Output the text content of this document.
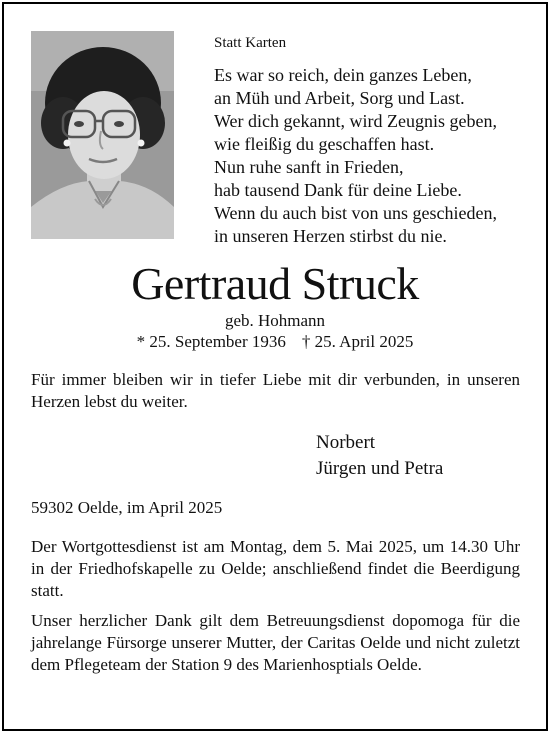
Statt Karten
Es war so reich, dein ganzes Leben,
an Müh und Arbeit, Sorg und Last.
Wer dich gekannt, wird Zeugnis geben,
wie fleißig du geschaffen hast.
Nun ruhe sanft in Frieden,
hab tausend Dank für deine Liebe.
Wenn du auch bist von uns geschieden,
in unseren Herzen stirbst du nie.
Gertraud Struck
geb. Hohmann
* 25. September 1936 † 25. April 2025
Für immer bleiben wir in tiefer Liebe mit dir verbunden, in unseren Herzen lebst du weiter.
Norbert
Jürgen und Petra
59302 Oelde, im April 2025
Der Wortgottesdienst ist am Montag, dem 5. Mai 2025, um 14.30 Uhr in der Friedhofskapelle zu Oelde; anschließend findet die Beerdigung statt.
Unser herzlicher Dank gilt dem Betreuungsdienst dopomoga für die jahrelange Fürsorge unserer Mutter, der Caritas Oelde und nicht zuletzt dem Pflegeteam der Station 9 des Marienhosptials Oelde.
